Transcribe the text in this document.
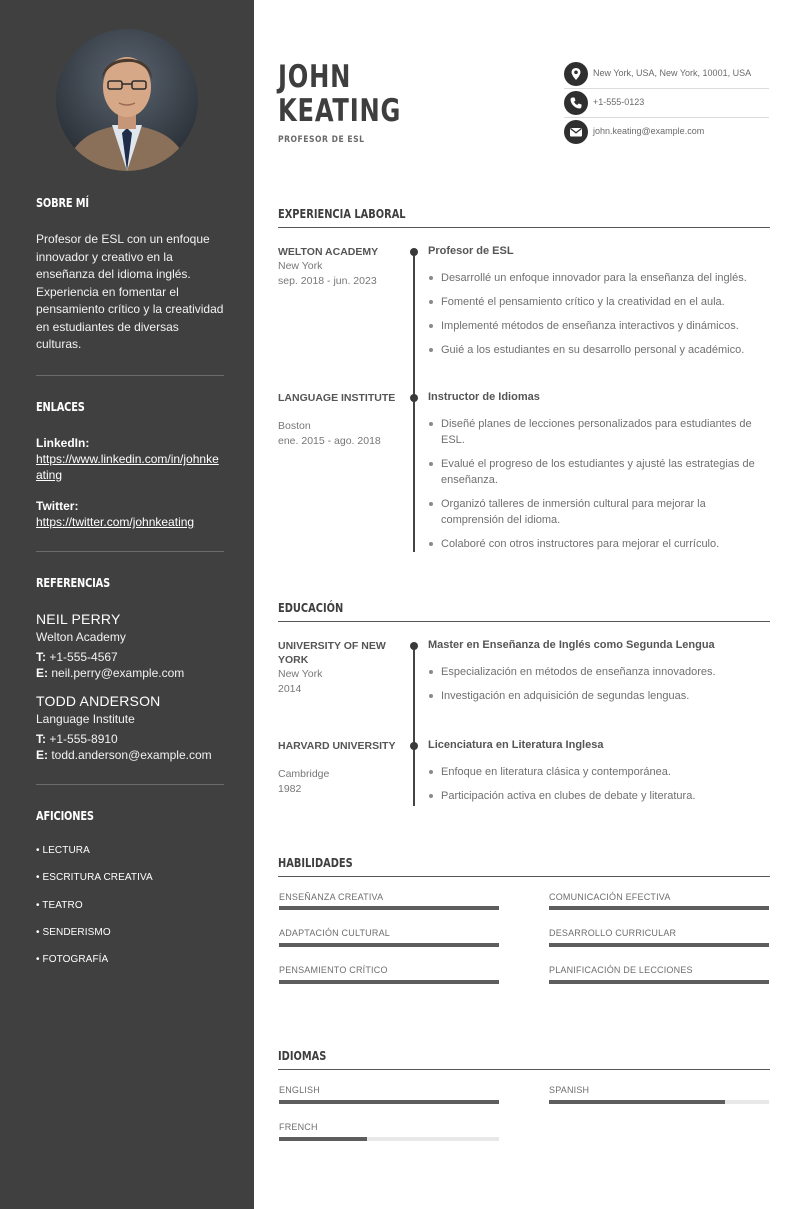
SOBRE MÍ

Profesor de ESL con un enfoque innovador y creativo en la enseñanza del idioma inglés. Experiencia en fomentar el pensamiento crítico y la creatividad en estudiantes de diversas culturas.

ENLACES
LinkedIn:
https://www.linkedin.com/in/johnkeating
Twitter:
https://twitter.com/johnkeating
REFERENCIAS
NEIL PERRY
Welton Academy
T: +1-555-4567
E: neil.perry@example.com
TODD ANDERSON
Language Institute
T: +1-555-8910
E: todd.anderson@example.com
AFICIONES
• LECTURA
• ESCRITURA CREATIVA
• TEATRO
• SENDERISMO
• FOTOGRAFÍA
JOHN
KEATING
PROFESOR DE ESL
New York, USA, New York, 10001, USA
+1-555-0123
john.keating@example.com
EXPERIENCIA LABORAL
WELTON ACADEMY
New York
sep. 2018 - jun. 2023
Profesor de ESL
Desarrollé un enfoque innovador para la enseñanza del inglés.
Fomenté el pensamiento crítico y la creatividad en el aula.
Implementé métodos de enseñanza interactivos y dinámicos.
Guié a los estudiantes en su desarrollo personal y académico.
LANGUAGE INSTITUTE
Boston
ene. 2015 - ago. 2018
Instructor de Idiomas
Diseñé planes de lecciones personalizados para estudiantes de ESL.
Evalué el progreso de los estudiantes y ajusté las estrategias de enseñanza.
Organizó talleres de inmersión cultural para mejorar la comprensión del idioma.
Colaboré con otros instructores para mejorar el currículo.
EDUCACIÓN
UNIVERSITY OF NEW YORK
New York
2014
Master en Enseñanza de Inglés como Segunda Lengua
Especialización en métodos de enseñanza innovadores.
Investigación en adquisición de segundas lenguas.
HARVARD UNIVERSITY
Cambridge
1982
Licenciatura en Literatura Inglesa
Enfoque en literatura clásica y contemporánea.
Participación activa en clubes de debate y literatura.
HABILIDADES
ENSEÑANZA CREATIVA	COMUNICACIÓN EFECTIVA
ADAPTACIÓN CULTURAL	DESARROLLO CURRICULAR
PENSAMIENTO CRÍTICO	PLANIFICACIÓN DE LECCIONES
IDIOMAS
ENGLISH	SPANISH
FRENCH
